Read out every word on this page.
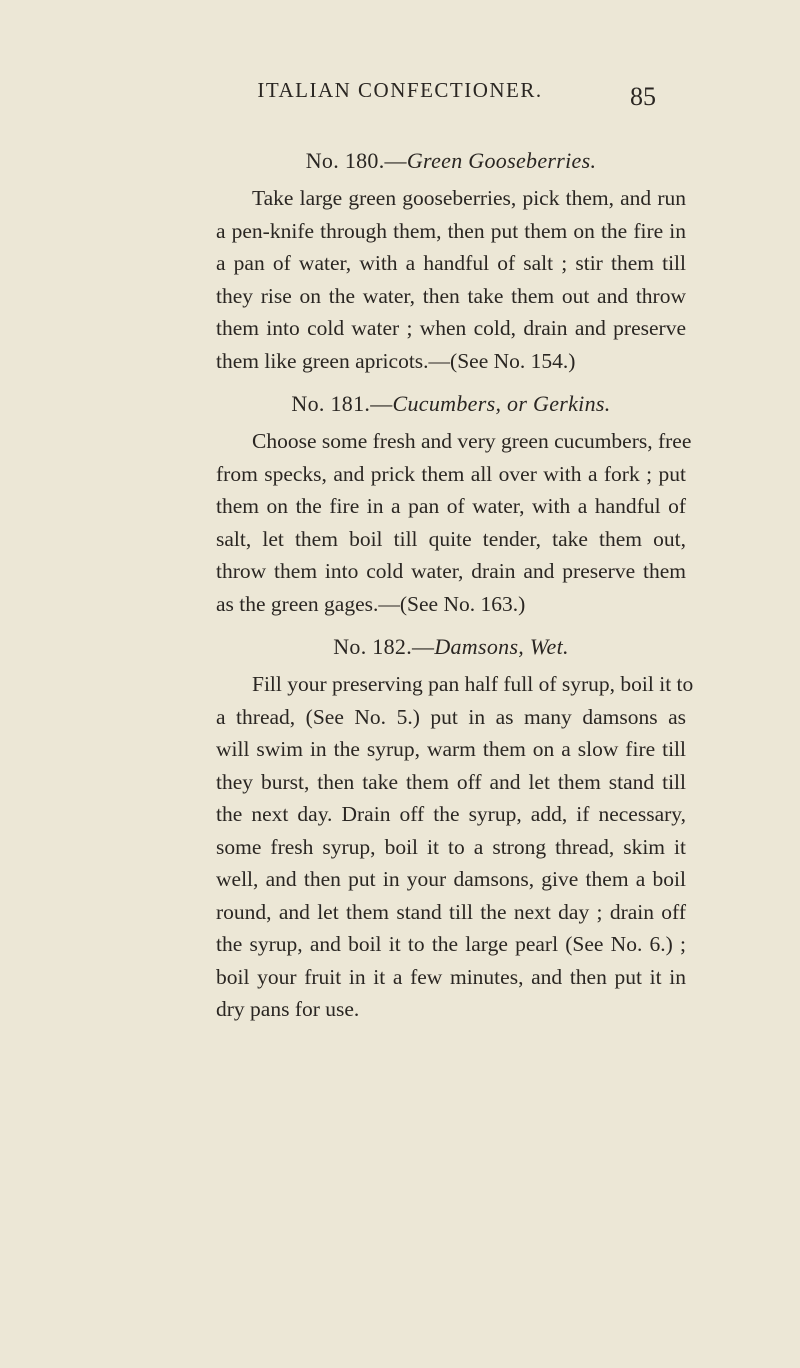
ITALIAN CONFECTIONER.	85
No. 180.—Green Gooseberries.
Take large green gooseberries, pick them, and run
a pen-knife through them, then put them on the fire in
a pan of water, with a handful of salt ; stir them till
they rise on the water, then take them out and throw
them into cold water ; when cold, drain and preserve
them like green apricots.—(See No. 154.)
No. 181.—Cucumbers, or Gerkins.
Choose some fresh and very green cucumbers, free
from specks, and prick them all over with a fork ; put
them on the fire in a pan of water, with a handful of
salt, let them boil till quite tender, take them out,
throw them into cold water, drain and preserve them
as the green gages.—(See No. 163.)
No. 182.—Damsons, Wet.
Fill your preserving pan half full of syrup, boil it to
a thread, (See No. 5.) put in as many damsons as
will swim in the syrup, warm them on a slow fire till
they burst, then take them off and let them stand till
the next day. Drain off the syrup, add, if necessary,
some fresh syrup, boil it to a strong thread, skim it
well, and then put in your damsons, give them a boil
round, and let them stand till the next day ; drain off
the syrup, and boil it to the large pearl (See No. 6.) ;
boil your fruit in it a few minutes, and then put it in
dry pans for use.
